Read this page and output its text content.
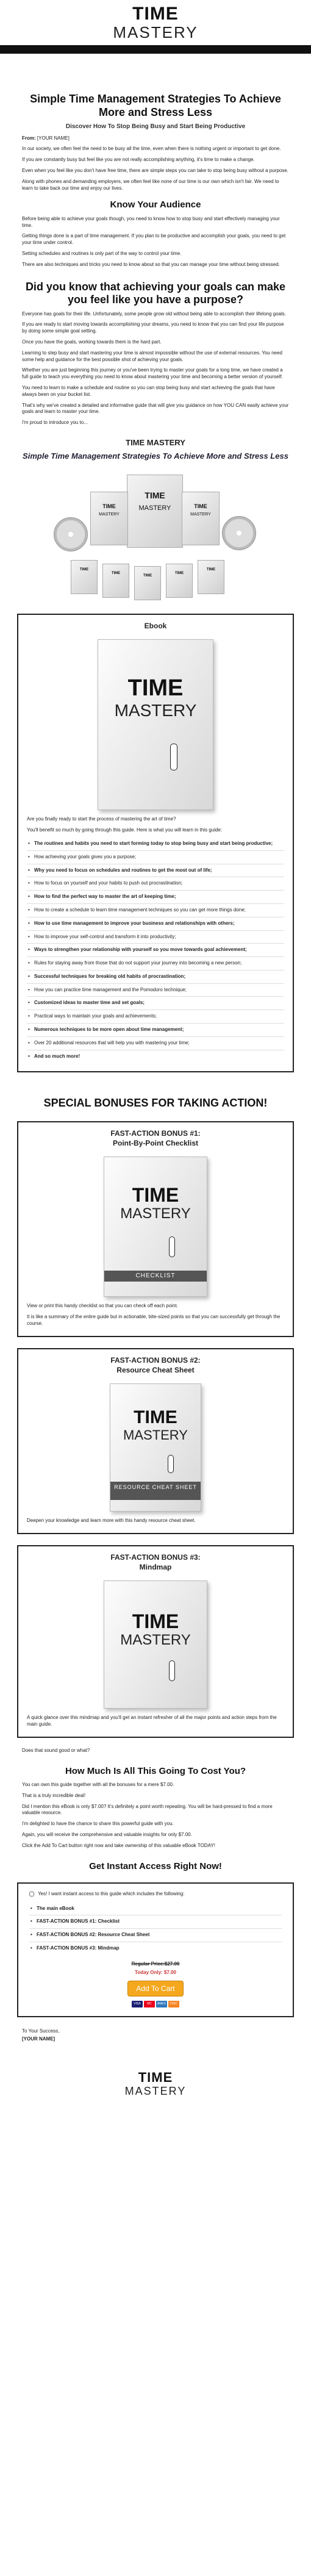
TIME
MASTERY
Simple Time Management Strategies To Achieve More and Stress Less
Discover How To Stop Being Busy and Start Being Productive

From: [YOUR NAME]

In our society, we often feel the need to be busy all the time, even when there is nothing urgent or important to get done.

If you are constantly busy but feel like you are not really accomplishing anything, it's time to make a change.

Even when you feel like you don't have free time, there are simple steps you can take to stop being busy without a purpose.

Along with phones and demanding employers, we often feel like none of our time is our own which isn't fair. We need to learn to take back our time and enjoy our lives.

Know Your Audience

Before being able to achieve your goals though, you need to know how to stop busy and start effectively managing your time.

Getting things done is a part of time management. If you plan to be productive and accomplish your goals, you need to get your time under control.

Setting schedules and routines is only part of the way to control your time.

There are also techniques and tricks you need to know about so that you can manage your time without being stressed.

Did you know that achieving your goals can make you feel like you have a purpose?

Everyone has goals for their life. Unfortunately, some people grow old without being able to accomplish their lifelong goals.

If you are ready to start moving towards accomplishing your dreams, you need to know that you can find your life purpose by doing some simple goal setting.

Once you have the goals, working towards them is the hard part.

Learning to step busy and start mastering your time is almost impossible without the use of external resources. You need some help and guidance for the best possible shot of achieving your goals.

Whether you are just beginning this journey or you've been trying to master your goals for a long time, we have created a full guide to teach you everything you need to know about mastering your time and becoming a better version of yourself.

You need to learn to make a schedule and routine so you can stop being busy and start achieving the goals that have always been on your bucket list.

That's why we've created a detailed and informative guide that will give you guidance on how YOU CAN easily achieve your goals and learn to master your time.

I'm proud to introduce you to...

TIME MASTERY
Simple Time Management Strategies To Achieve More and Stress Less
TIME
MASTERY
TIME
MASTERY
TIME
MASTERY
TIME
TIME
TIME
TIME
TIME
Ebook
TIME
MASTERY

Are you finally ready to start the process of mastering the art of time?

You'll benefit so much by going through this guide. Here is what you will learn in this guide:

• The routines and habits you need to start forming today to stop being busy and start being productive;
• How achieving your goals gives you a purpose;
• Why you need to focus on schedules and routines to get the most out of life;
• How to focus on yourself and your habits to push out procrastination;
• How to find the perfect way to master the art of keeping time;
• How to create a schedule to learn time management techniques so you can get more things done;
• How to use time management to improve your business and relationships with others;
• How to improve your self-control and transform it into productivity;
• Ways to strengthen your relationship with yourself so you move towards goal achievement;
• Rules for staying away from those that do not support your journey into becoming a new person;
• Successful techniques for breaking old habits of procrastination;
• How you can practice time management and the Pomodoro technique;
• Customized ideas to master time and set goals;
• Practical ways to maintain your goals and achievements;
• Numerous techniques to be more open about time management;
• Over 20 additional resources that will help you with mastering your time;
• And so much more!
SPECIAL BONUSES FOR TAKING ACTION!
FAST-ACTION BONUS #1:
Point-By-Point Checklist
TIME
MASTERY
CHECKLIST

View or print this handy checklist so that you can check off each point.

It is like a summary of the entire guide but in actionable, bite-sized points so that you can successfully get through the course.

FAST-ACTION BONUS #2:
Resource Cheat Sheet
TIME
MASTERY
RESOURCE CHEAT SHEET

Deepen your knowledge and learn more with this handy resource cheat sheet.

FAST-ACTION BONUS #3:
Mindmap
TIME
MASTERY

A quick glance over this mindmap and you'll get an instant refresher of all the major points and action steps from the main guide.

Does that sound good or what?

How Much Is All This Going To Cost You?

You can own this guide together with all the bonuses for a mere $7.00.

That is a truly incredible deal!

Did I mention this eBook is only $7.00? It's definitely a point worth repeating. You will be hard-pressed to find a more valuable resource.

I'm delighted to have the chance to share this powerful guide with you.

Again, you will receive the comprehensive and valuable insights for only $7.00.

Click the Add To Cart button right now and take ownership of this valuable eBook TODAY!

Get Instant Access Right Now!
Yes! I want instant access to this guide which includes the following:
• The main eBook
• FAST-ACTION BONUS #1: Checklist
• FAST-ACTION BONUS #2: Resource Cheat Sheet
• FAST-ACTION BONUS #3: Mindmap
Regular Price:$27.00
Today Only: $7.00
Add To Cart
VISA MC AMEX DISC

To Your Success,

[YOUR NAME]

TIME
MASTERY
